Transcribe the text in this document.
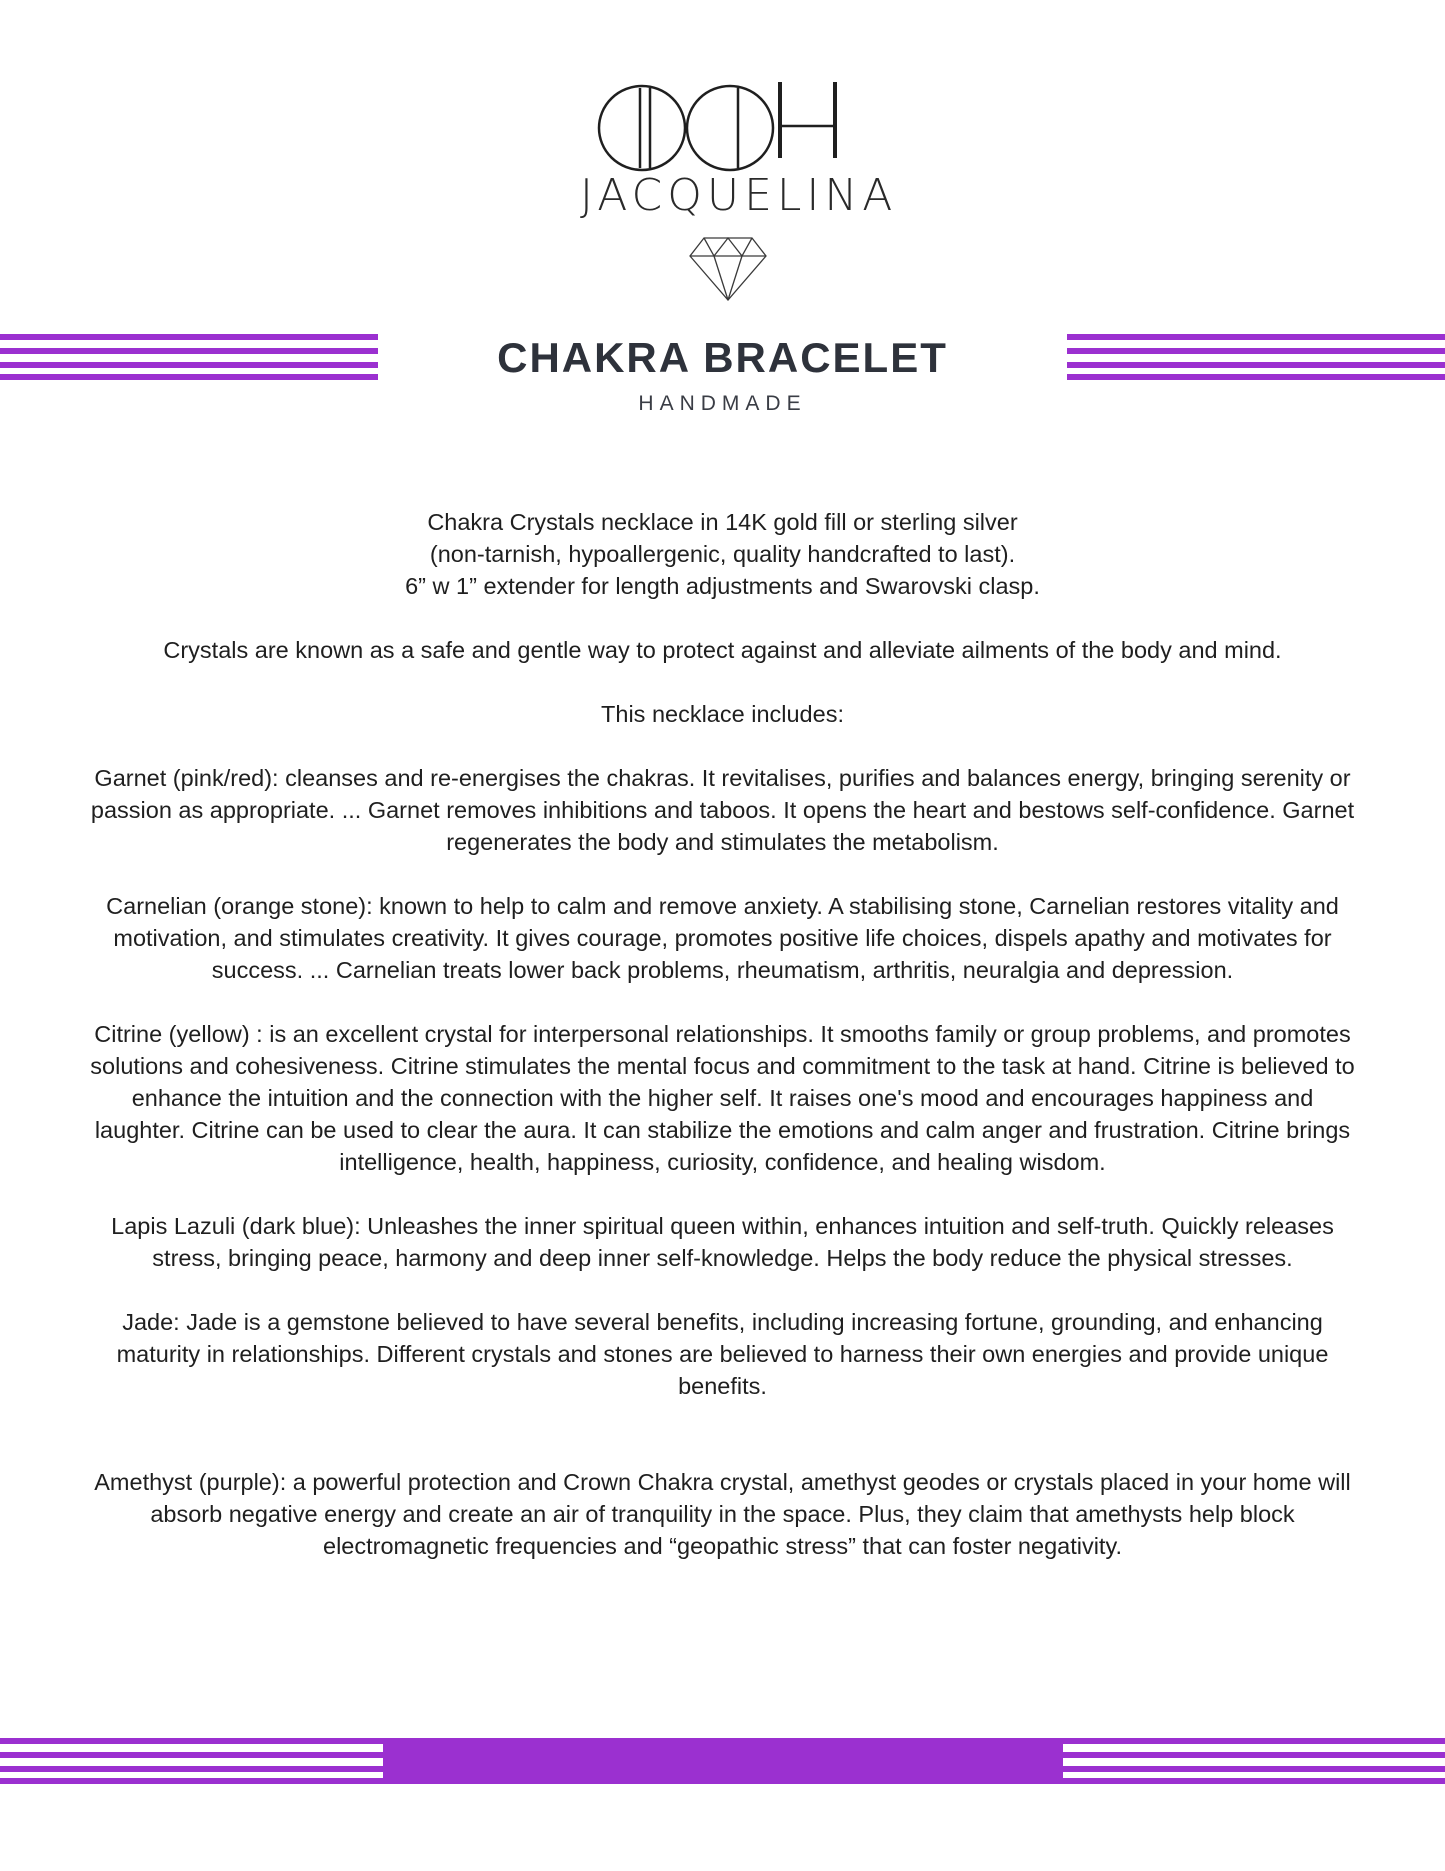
JACQUELINA
CHAKRA BRACELET
HANDMADE

Chakra Crystals necklace in 14K gold fill or sterling silver
(non-tarnish, hypoallergenic, quality handcrafted to last).
6” w 1” extender for length adjustments and Swarovski clasp.

Crystals are known as a safe and gentle way to protect against and alleviate ailments of the body and mind.

This necklace includes:

Garnet (pink/red): cleanses and re-energises the chakras. It revitalises, purifies and balances energy, bringing serenity or passion as appropriate. ... Garnet removes inhibitions and taboos. It opens the heart and bestows self-confidence. Garnet regenerates the body and stimulates the metabolism.

Carnelian (orange stone): known to help to calm and remove anxiety. A stabilising stone, Carnelian restores vitality and motivation, and stimulates creativity. It gives courage, promotes positive life choices, dispels apathy and motivates for success. ... Carnelian treats lower back problems, rheumatism, arthritis, neuralgia and depression.

Citrine (yellow) : is an excellent crystal for interpersonal relationships. It smooths family or group problems, and promotes solutions and cohesiveness. Citrine stimulates the mental focus and commitment to the task at hand. Citrine is believed to enhance the intuition and the connection with the higher self. It raises one's mood and encourages happiness and laughter. Citrine can be used to clear the aura. It can stabilize the emotions and calm anger and frustration. Citrine brings intelligence, health, happiness, curiosity, confidence, and healing wisdom.

Lapis Lazuli (dark blue): Unleashes the inner spiritual queen within, enhances intuition and self-truth. Quickly releases stress, bringing peace, harmony and deep inner self-knowledge. Helps the body reduce the physical stresses.

Jade: Jade is a gemstone believed to have several benefits, including increasing fortune, grounding, and enhancing maturity in relationships. Different crystals and stones are believed to harness their own energies and provide unique benefits.

Amethyst (purple): a powerful protection and Crown Chakra crystal, amethyst geodes or crystals placed in your home will absorb negative energy and create an air of tranquility in the space. Plus, they claim that amethysts help block electromagnetic frequencies and “geopathic stress” that can foster negativity.
